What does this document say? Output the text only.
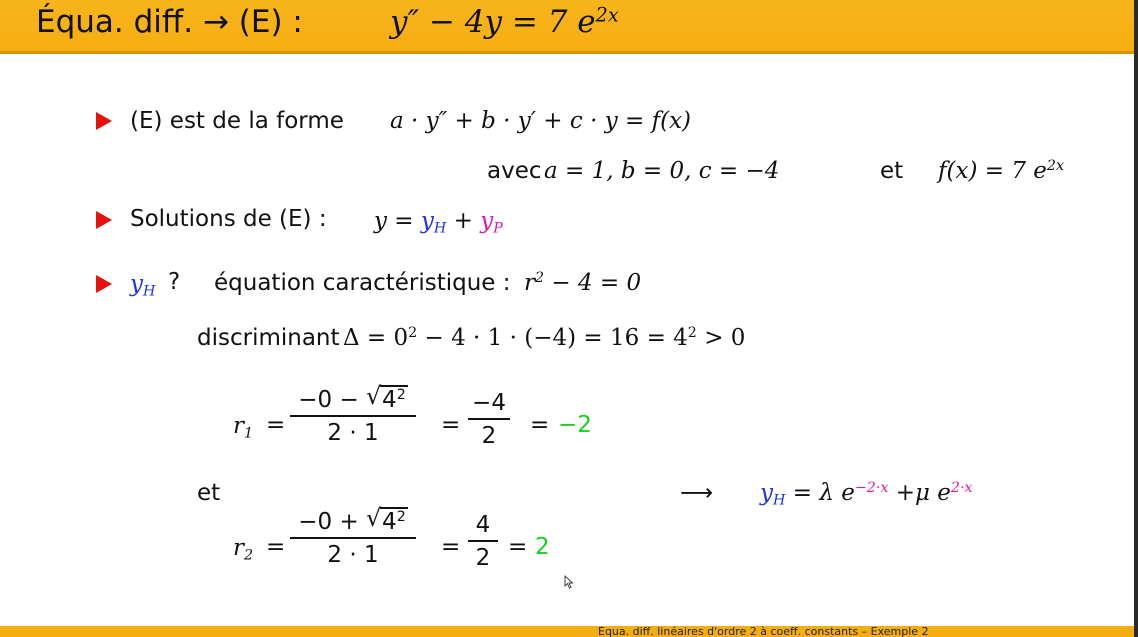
Équa. diff. → (E) :	y″ − 4y = 7 $e^{2x}$
(E) est de la forme a · y″ + b · y′ + c · y = f(x)
avec a = 1, b = 0, c = −4	et f(x) = 7 $e^{2x}$
Solutions de (E) : $y = y_H + y_P$
$y_H$ ? équation caractéristique : $r^2 - 4 = 0$
discriminant $\Delta = 0^2 - 4 \cdot 1 \cdot (-4) = 16 = 4^2 > 0$
$r_1$ =
−0 − √ $4^2$
2 · 1	=
−4
2	= −2
et
$r_2$ =
−0 + √ $4^2$
2 · 1	=
4
2 = 2
⟶ $y_H = \lambda$ $e^{-2\cdot x} +\mu$ $e^{2\cdot x}$
Équa. diff. linéaires d'ordre 2 à coeff. constants – Exemple 2
